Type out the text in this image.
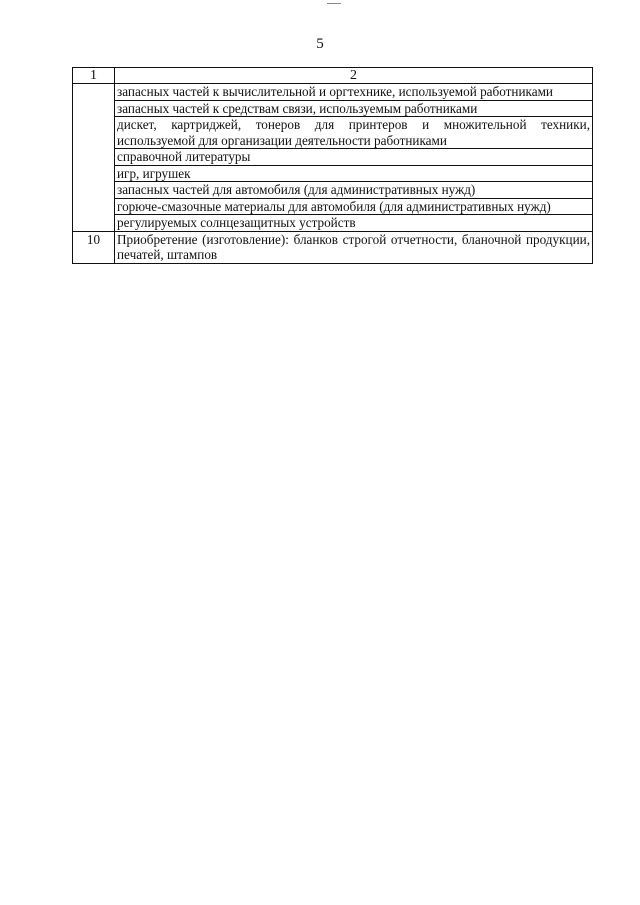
5
1	2
	запасных частей к вычислительной и оргтехнике, используемой работниками
	запасных частей к средствам связи, используемым работниками
	дискет, картриджей, тонеров для принтеров и множительной техники, используемой для организации деятельности работниками
	справочной литературы
	игр, игрушек
	запасных частей для автомобиля (для административных нужд)
	горюче-смазочные материалы для автомобиля (для административных нужд)
	регулируемых солнцезащитных устройств
10	Приобретение (изготовление): бланков строгой отчетности, бланочной продукции, печатей, штампов
